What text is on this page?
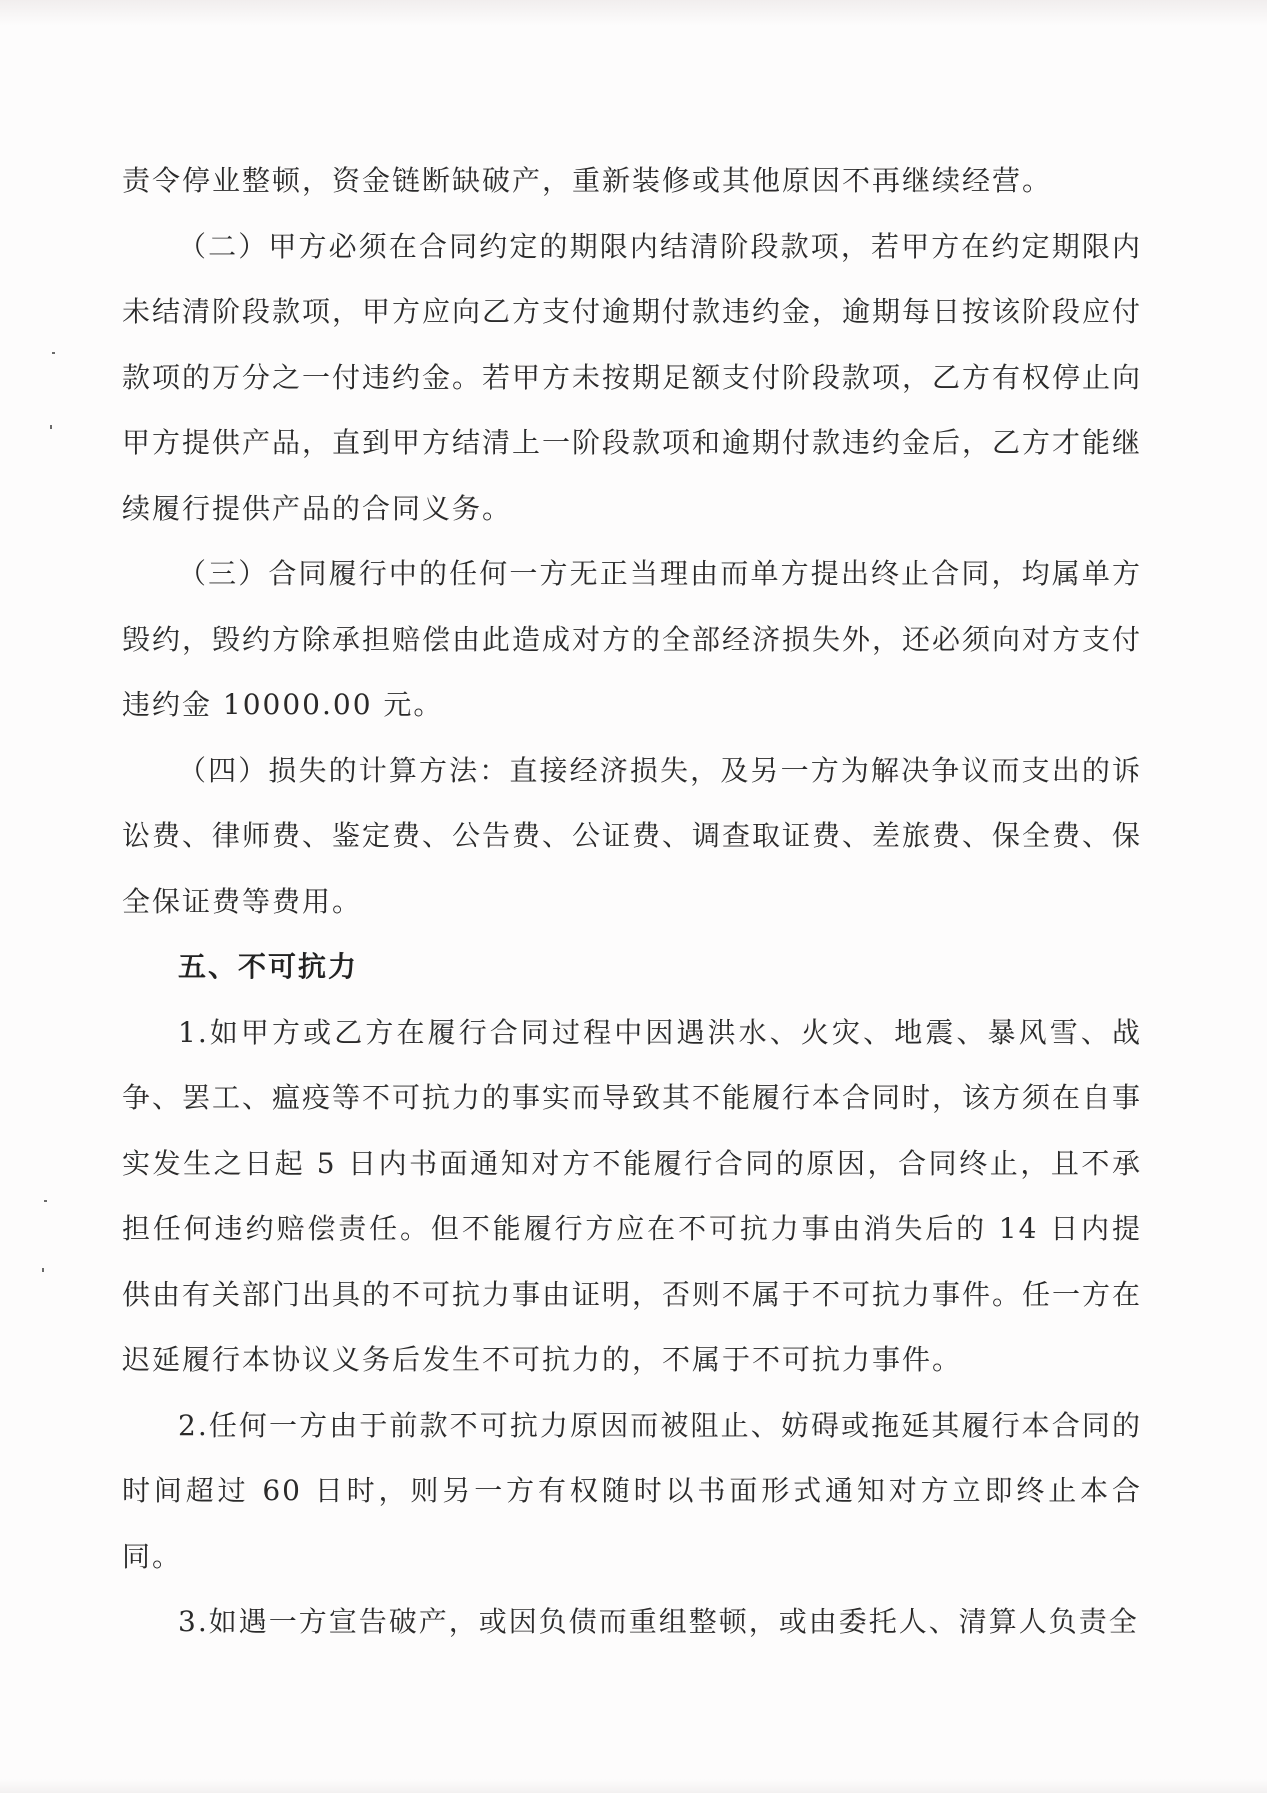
责令停业整顿，资金链断缺破产，重新装修或其他原因不再继续经营。

（二）甲方必须在合同约定的期限内结清阶段款项，若甲方在约定期限内未结清阶段款项，甲方应向乙方支付逾期付款违约金，逾期每日按该阶段应付款项的万分之一付违约金。若甲方未按期足额支付阶段款项，乙方有权停止向甲方提供产品，直到甲方结清上一阶段款项和逾期付款违约金后，乙方才能继续履行提供产品的合同义务。

（三）合同履行中的任何一方无正当理由而单方提出终止合同，均属单方毁约，毁约方除承担赔偿由此造成对方的全部经济损失外，还必须向对方支付违约金 10000.00 元。

（四）损失的计算方法：直接经济损失，及另一方为解决争议而支出的诉讼费、律师费、鉴定费、公告费、公证费、调查取证费、差旅费、保全费、保全保证费等费用。

五、不可抗力

1.如甲方或乙方在履行合同过程中因遇洪水、火灾、地震、暴风雪、战争、罢工、瘟疫等不可抗力的事实而导致其不能履行本合同时，该方须在自事实发生之日起 5 日内书面通知对方不能履行合同的原因，合同终止，且不承担任何违约赔偿责任。但不能履行方应在不可抗力事由消失后的 14 日内提供由有关部门出具的不可抗力事由证明，否则不属于不可抗力事件。任一方在迟延履行本协议义务后发生不可抗力的，不属于不可抗力事件。

2.任何一方由于前款不可抗力原因而被阻止、妨碍或拖延其履行本合同的时间超过 60 日时，则另一方有权随时以书面形式通知对方立即终止本合同。

3.如遇一方宣告破产，或因负债而重组整顿，或由委托人、清算人负责全
